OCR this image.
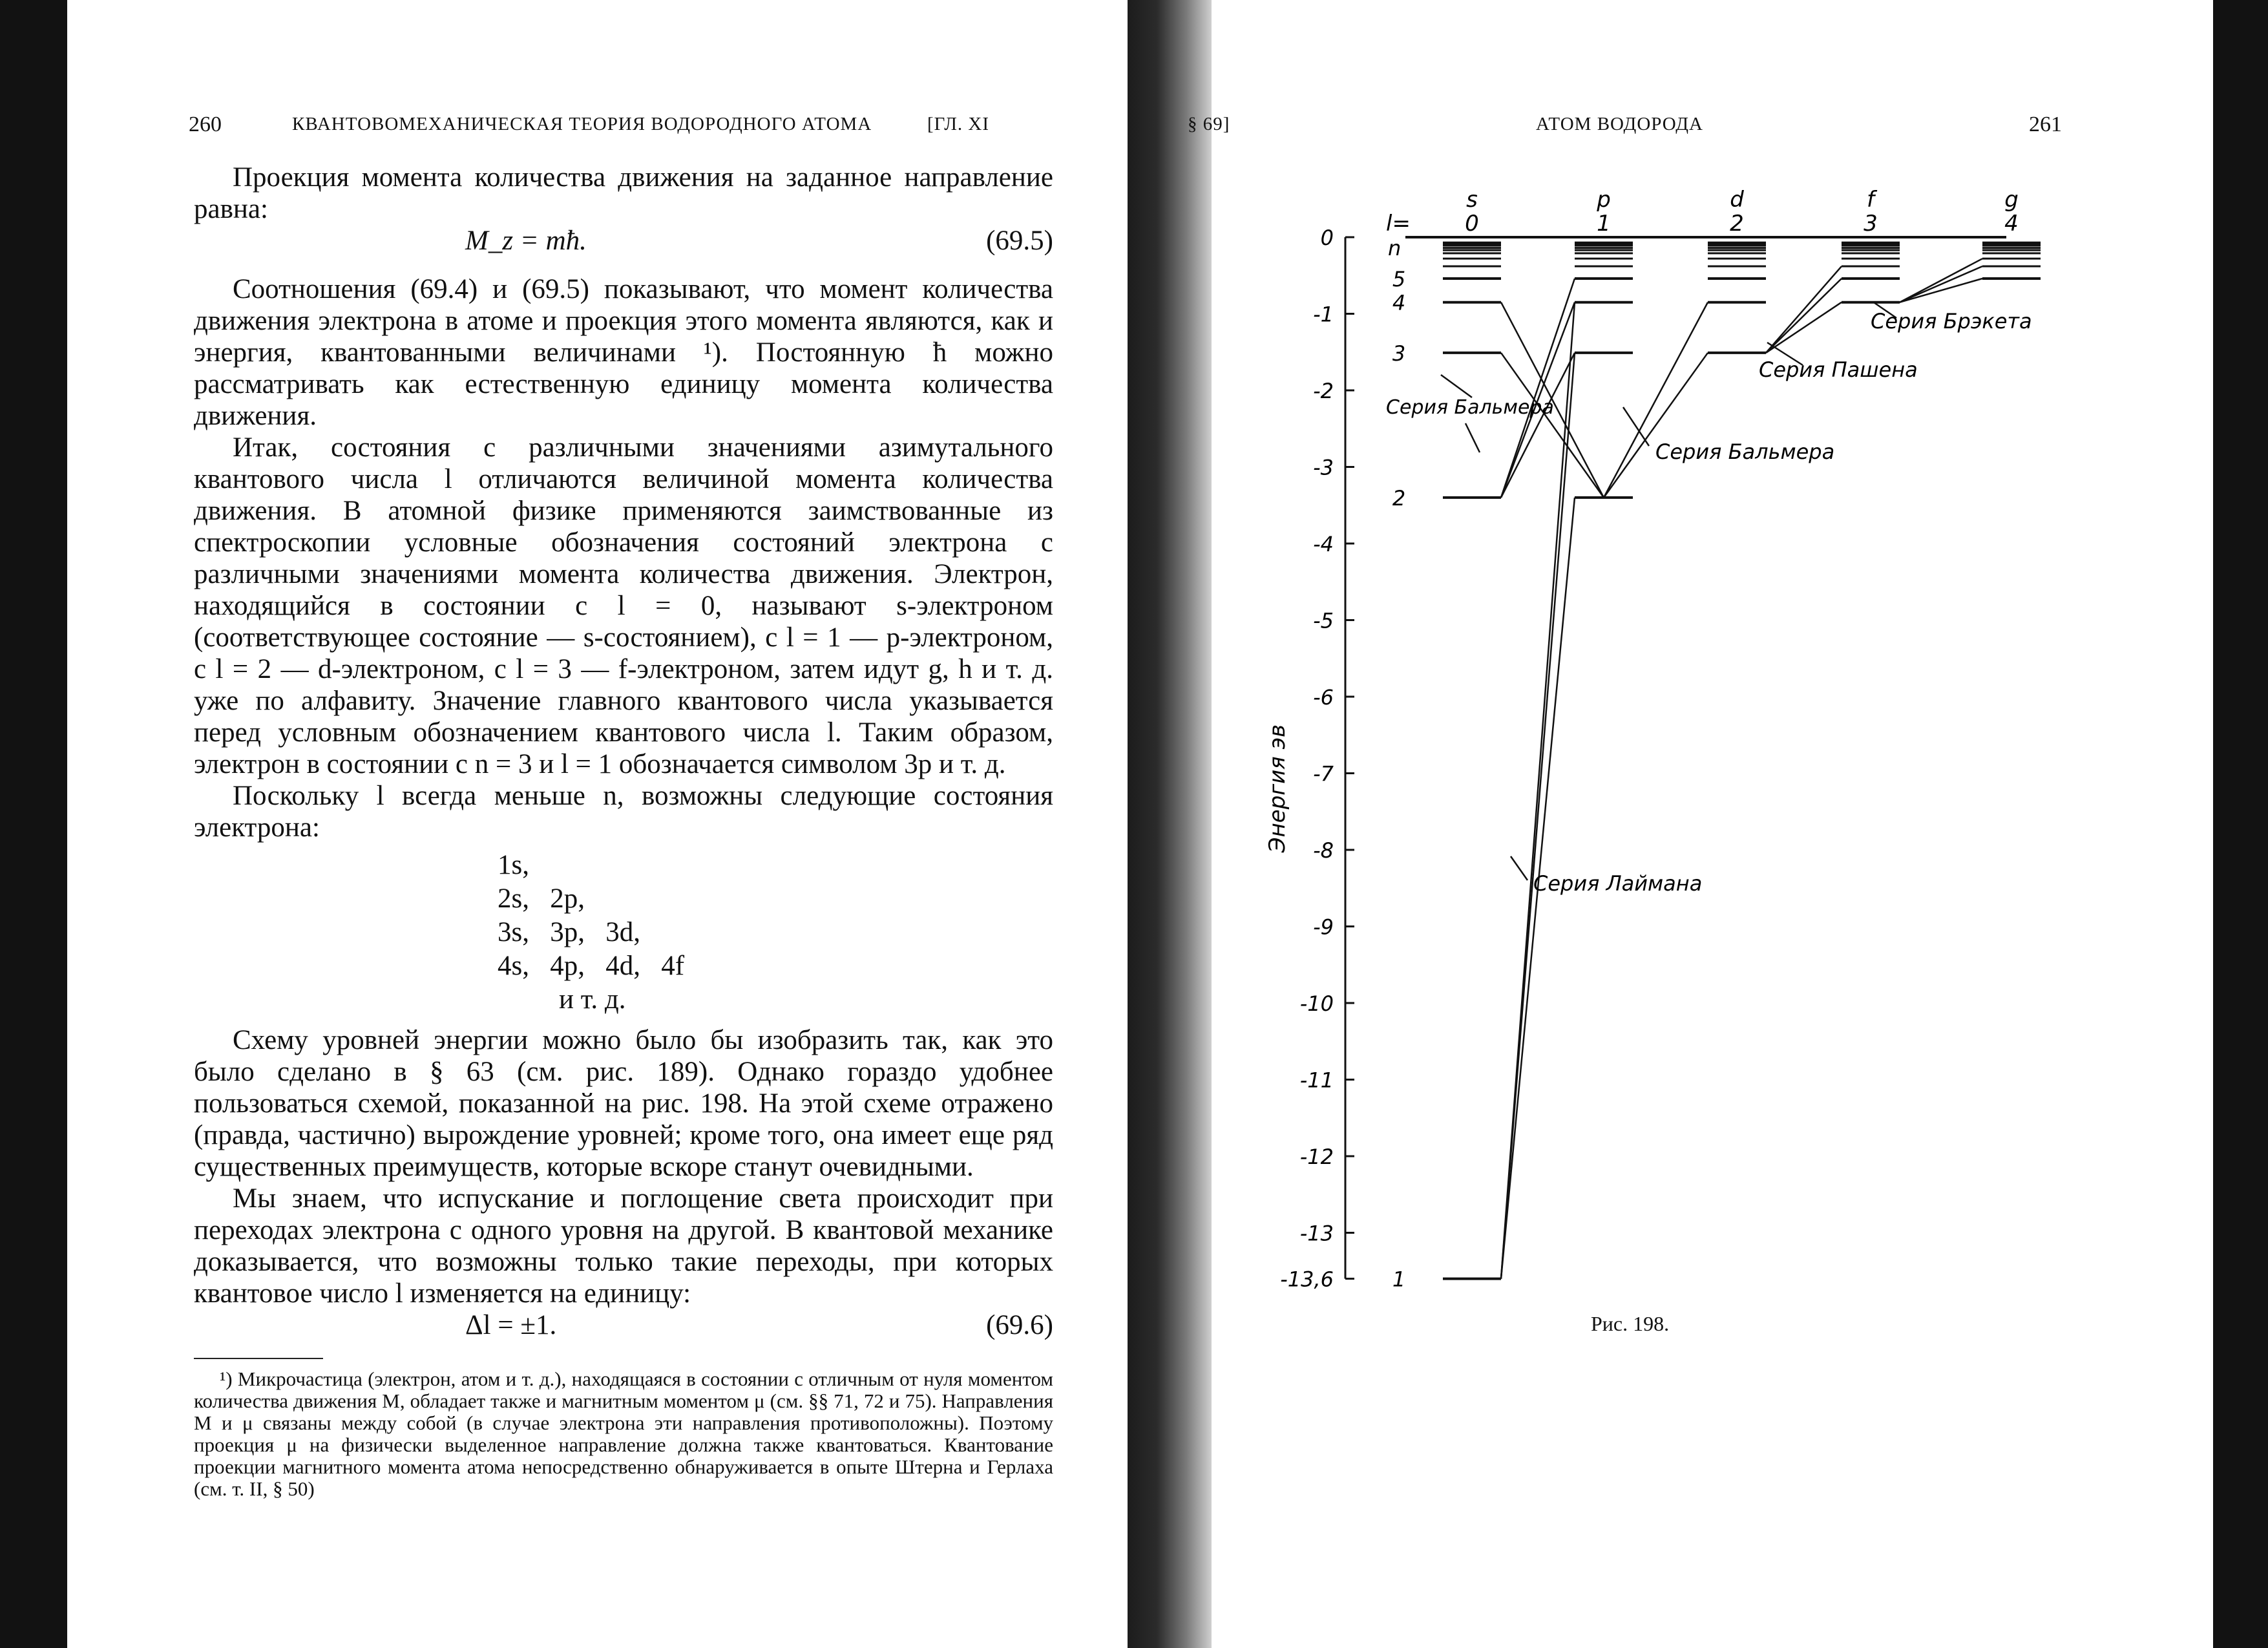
260	КВАНТОВОМЕХАНИЧЕСКАЯ ТЕОРИЯ ВОДОРОДНОГО АТОМА	[ГЛ. XI

Проекция момента количества движения на заданное направление равна:

M_z = mħ.	(69.5)

Соотношения (69.4) и (69.5) показывают, что момент количества движения электрона в атоме и проекция этого момента являются, как и энергия, квантованными величинами ¹). Постоянную ħ можно рассматривать как естественную единицу момента количества движения.

Итак, состояния с различными значениями азимутального квантового числа l отличаются величиной момента количества движения. В атомной физике применяются заимствованные из спектроскопии условные обозначения состояний электрона с различными значениями момента количества движения. Электрон, находящийся в состоянии с l = 0, называют s-электроном (соответствующее состояние — s-состоянием), с l = 1 — p-электроном, с l = 2 — d-электроном, с l = 3 — f-электроном, затем идут g, h и т. д. уже по алфавиту. Значение главного квантового числа указывается перед условным обозначением квантового числа l. Таким образом, электрон в состоянии с n = 3 и l = 1 обозначается символом 3p и т. д.

Поскольку l всегда меньше n, возможны следующие состояния электрона:

1s,
2s,   2p,
3s,   3p,   3d,
4s,   4p,   4d,   4f
и т. д.

Схему уровней энергии можно было бы изобразить так, как это было сделано в § 63 (см. рис. 189). Однако гораздо удобнее пользоваться схемой, показанной на рис. 198. На этой схеме отражено (правда, частично) вырождение уровней; кроме того, она имеет еще ряд существенных преимуществ, которые вскоре станут очевидными.

Мы знаем, что испускание и поглощение света происходит при переходах электрона с одного уровня на другой. В квантовой механике доказывается, что возможны только такие переходы, при которых квантовое число l изменяется на единицу:

Δl = ±1.	(69.6)

¹) Микрочастица (электрон, атом и т. д.), находящаяся в состоянии с отличным от нуля моментом количества движения M, обладает также и магнитным моментом μ (см. §§ 71, 72 и 75). Направления M и μ связаны между собой (в случае электрона эти направления противоположны). Поэтому проекция μ на физически выделенное направление должна также квантоваться. Квантование проекции магнитного момента атома непосредственно обнаруживается в опыте Штерна и Герлаха (см. т. II, § 50)

§ 69]	АТОМ ВОДОРОДА	261
0
-1
-2
-3
-4
-5
-6
-7
-8
-9
-10
-11
-12
-13
-13,6
Энергия эв
l=
n
Серия Бальмера
Серия Бальмера
Серия Пашена
Серия Брэкета
Серия Лаймана
s
0
p
1
d
2
f
3
g
4
1
2
3
4
5
Рис. 198.
